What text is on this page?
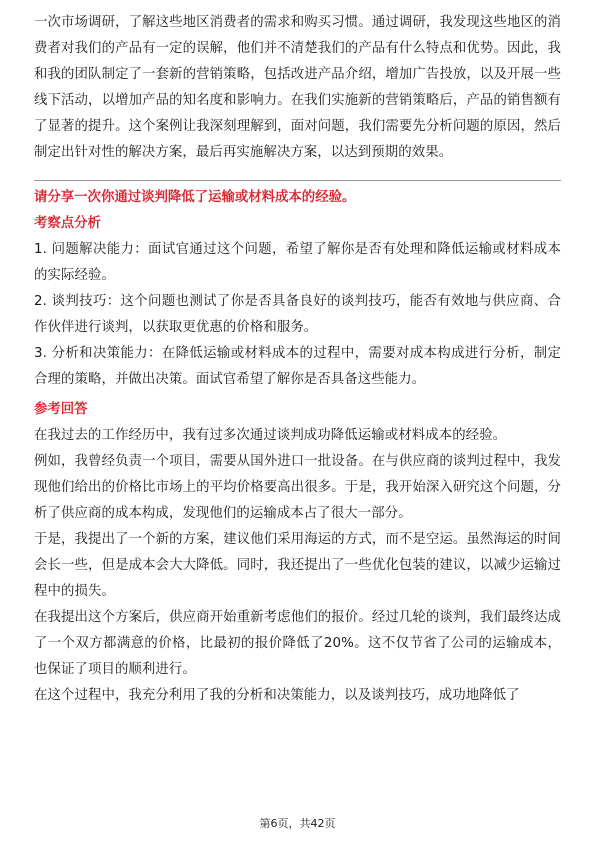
一次市场调研，了解这些地区消费者的需求和购买习惯。通过调研，我发现这些地区的消费者对我们的产品有一定的误解，他们并不清楚我们的产品有什么特点和优势。因此，我和我的团队制定了一套新的营销策略，包括改进产品介绍，增加广告投放，以及开展一些线下活动，以增加产品的知名度和影响力。在我们实施新的营销策略后，产品的销售额有了显著的提升。这个案例让我深刻理解到，面对问题，我们需要先分析问题的原因，然后制定出针对性的解决方案，最后再实施解决方案，以达到预期的效果。

请分享一次你通过谈判降低了运输或材料成本的经验。

考察点分析

1. 问题解决能力：面试官通过这个问题，希望了解你是否有处理和降低运输或材料成本的实际经验。

2. 谈判技巧：这个问题也测试了你是否具备良好的谈判技巧，能否有效地与供应商、合作伙伴进行谈判，以获取更优惠的价格和服务。

3. 分析和决策能力：在降低运输或材料成本的过程中，需要对成本构成进行分析，制定合理的策略，并做出决策。面试官希望了解你是否具备这些能力。

参考回答

在我过去的工作经历中，我有过多次通过谈判成功降低运输或材料成本的经验。

例如，我曾经负责一个项目，需要从国外进口一批设备。在与供应商的谈判过程中，我发现他们给出的价格比市场上的平均价格要高出很多。于是，我开始深入研究这个问题，分析了供应商的成本构成，发现他们的运输成本占了很大一部分。

于是，我提出了一个新的方案，建议他们采用海运的方式，而不是空运。虽然海运的时间会长一些，但是成本会大大降低。同时，我还提出了一些优化包装的建议，以减少运输过程中的损失。

在我提出这个方案后，供应商开始重新考虑他们的报价。经过几轮的谈判，我们最终达成了一个双方都满意的价格，比最初的报价降低了20%。这不仅节省了公司的运输成本，也保证了项目的顺利进行。

在这个过程中，我充分利用了我的分析和决策能力，以及谈判技巧，成功地降低了

第6页，共42页
